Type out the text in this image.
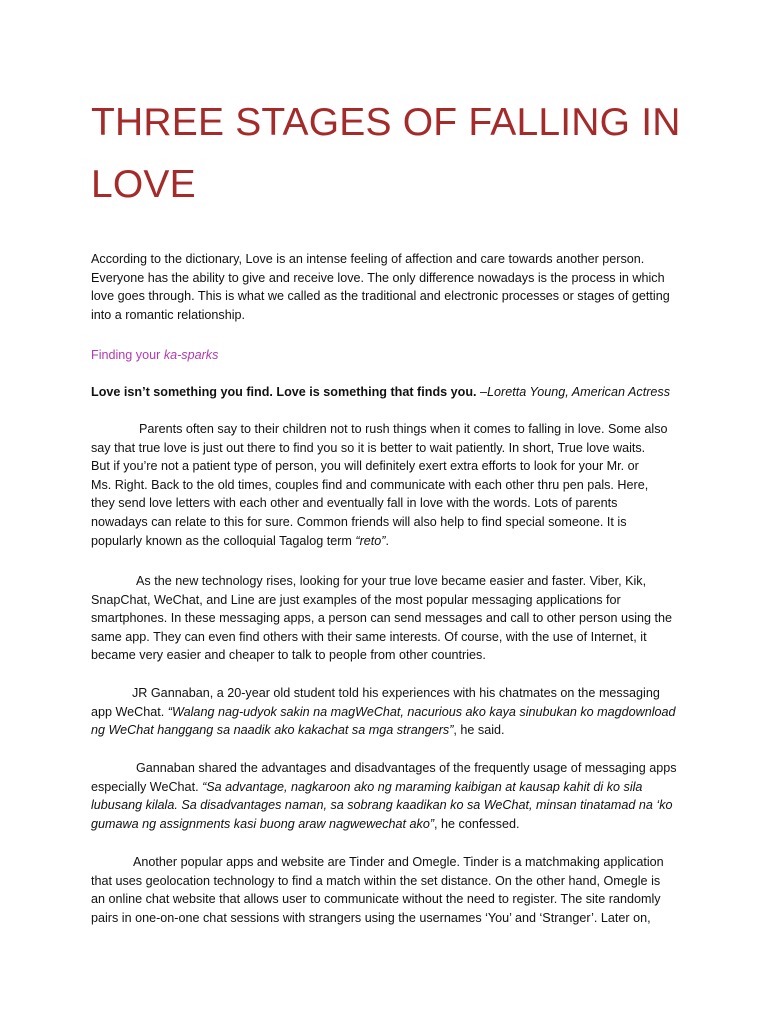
THREE STAGES OF FALLING IN
LOVE
According to the dictionary, Love is an intense feeling of affection and care towards another person.
Everyone has the ability to give and receive love. The only difference nowadays is the process in which
love goes through. This is what we called as the traditional and electronic processes or stages of getting
into a romantic relationship.
Finding your ka-sparks
Love isn’t something you find. Love is something that finds you. –Loretta Young, American Actress
Parents often say to their children not to rush things when it comes to falling in love. Some also
say that true love is just out there to find you so it is better to wait patiently. In short, True love waits.
But if you’re not a patient type of person, you will definitely exert extra efforts to look for your Mr. or
Ms. Right. Back to the old times, couples find and communicate with each other thru pen pals. Here,
they send love letters with each other and eventually fall in love with the words. Lots of parents
nowadays can relate to this for sure. Common friends will also help to find special someone. It is
popularly known as the colloquial Tagalog term “reto”.
As the new technology rises, looking for your true love became easier and faster. Viber, Kik,
SnapChat, WeChat, and Line are just examples of the most popular messaging applications for
smartphones. In these messaging apps, a person can send messages and call to other person using the
same app. They can even find others with their same interests. Of course, with the use of Internet, it
became very easier and cheaper to talk to people from other countries.
JR Gannaban, a 20-year old student told his experiences with his chatmates on the messaging
app WeChat. “Walang nag-udyok sakin na magWeChat, nacurious ako kaya sinubukan ko magdownload
ng WeChat hanggang sa naadik ako kakachat sa mga strangers”, he said.
Gannaban shared the advantages and disadvantages of the frequently usage of messaging apps
especially WeChat. “Sa advantage, nagkaroon ako ng maraming kaibigan at kausap kahit di ko sila
lubusang kilala. Sa disadvantages naman, sa sobrang kaadikan ko sa WeChat, minsan tinatamad na ‘ko
gumawa ng assignments kasi buong araw nagwewechat ako”, he confessed.
Another popular apps and website are Tinder and Omegle. Tinder is a matchmaking application
that uses geolocation technology to find a match within the set distance. On the other hand, Omegle is
an online chat website that allows user to communicate without the need to register. The site randomly
pairs in one-on-one chat sessions with strangers using the usernames ‘You’ and ‘Stranger’. Later on,
